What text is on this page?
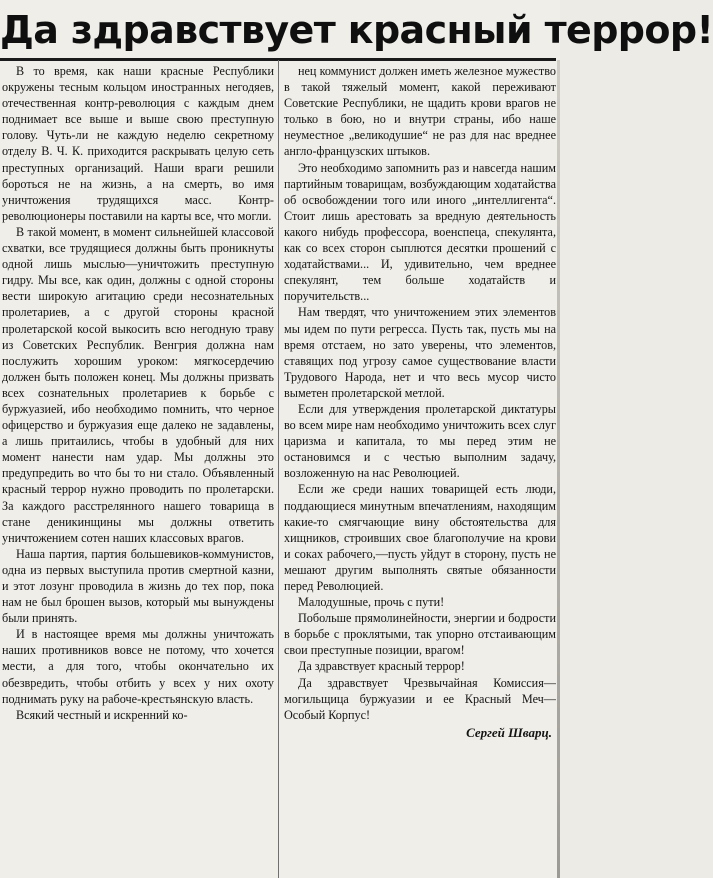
Да здравствует красный террор!

В то время, как наши красные Республики окружены тесным кольцом иностранных негодяев, отечественная контр-революция с каждым днем поднимает все выше и выше свою преступную голову. Чуть-ли не каждую неделю секретному отделу В. Ч. К. приходится раскрывать целую сеть преступных организаций. Наши враги решили бороться не на жизнь, а на смерть, во имя уничтожения трудящихся масс. Контр-революционеры поставили на карты все, что могли.

В такой момент, в момент сильнейшей классовой схватки, все трудящиеся должны быть проникнуты одной лишь мыслью—уничтожить преступную гидру. Мы все, как один, должны с одной стороны вести широкую агитацию среди несознательных пролетариев, а с другой стороны красной пролетарской косой выкосить всю негодную траву из Советских Республик. Венгрия должна нам послужить хорошим уроком: мягкосердечию должен быть положен конец. Мы должны призвать всех сознательных пролетариев к борьбе с буржуазией, ибо необходимо помнить, что черное офицерство и буржуазия еще далеко не задавлены, а лишь притаились, чтобы в удобный для них момент нанести нам удар. Мы должны это предупредить во что бы то ни стало. Объявленный красный террор нужно проводить по пролетарски. За каждого расстрелянного нашего товарища в стане деникинщины мы должны ответить уничтожением сотен наших классовых врагов.

Наша партия, партия большевиков-коммунистов, одна из первых выступила против смертной казни, и этот лозунг проводила в жизнь до тех пор, пока нам не был брошен вызов, который мы вынуждены были принять.

И в настоящее время мы должны уничтожать наших противников вовсе не потому, что хочется мести, а для того, чтобы окончательно их обезвредить, чтобы отбить у всех у них охоту поднимать руку на рабоче-крестьянскую власть.

Всякий честный и искренний ко-

нец коммунист должен иметь железное мужество в такой тяжелый момент, какой переживают Советские Республики, не щадить крови врагов не только в бою, но и внутри страны, ибо наше неуместное „великодушие“ не раз для нас вреднее англо-французских штыков.

Это необходимо запомнить раз и навсегда нашим партийным товарищам, возбуждающим ходатайства об освобождении того или иного „интеллигента“. Стоит лишь арестовать за вредную деятельность какого нибудь профессора, военспеца, спекулянта, как со всех сторон сыплются десятки прошений с ходатайствами... И, удивительно, чем вреднее спекулянт, тем больше ходатайств и поручительств...

Нам твердят, что уничтожением этих элементов мы идем по пути регресса. Пусть так, пусть мы на время отстаем, но зато уверены, что элементов, ставящих под угрозу самое существование власти Трудового Народа, нет и что весь мусор чисто выметен пролетарской метлой.

Если для утверждения пролетарской диктатуры во всем мире нам необходимо уничтожить всех слуг царизма и капитала, то мы перед этим не остановимся и с честью выполним задачу, возложенную на нас Революцией.

Если же среди наших товарищей есть люди, поддающиеся минутным впечатлениям, находящим какие-то смягчающие вину обстоятельства для хищников, строивших свое благополучие на крови и соках рабочего,—пусть уйдут в сторону, пусть не мешают другим выполнять святые обязанности перед Революцией.

Малодушные, прочь с пути!

Побольше прямолинейности, энергии и бодрости в борьбе с проклятыми, так упорно отстаивающим свои преступные позиции, врагом!

Да здравствует красный террор!

Да здравствует Чрезвычайная Комиссия—могильщица буржуазии и ее Красный Меч—Особый Корпус!

Сергей Шварц.
